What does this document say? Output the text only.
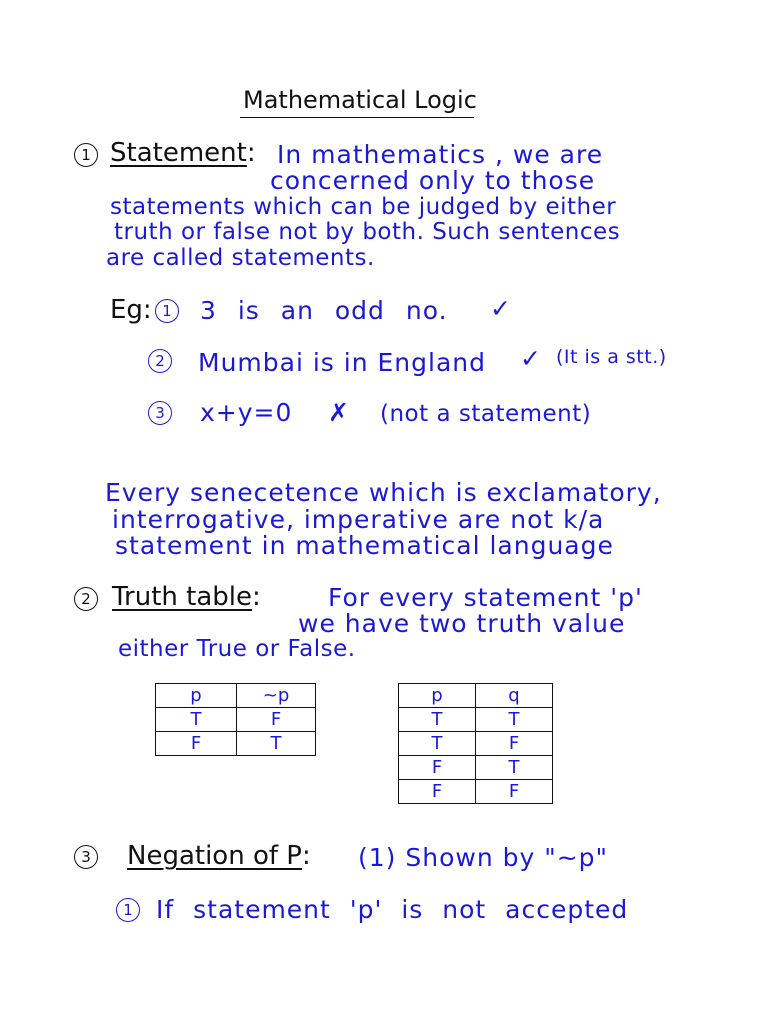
Mathematical Logic
1 Statement: In mathematics , we are
concerned only to those
statements which can be judged by either
truth or false not by both. Such sentences
are called statements.
Eg: 1 3 is an odd no. ✓
2 Mumbai is in England ✓ (It is a stt.)
3 x+y=0 ✗ (not a statement)
Every senecetence which is exclamatory,
interrogative, imperative are not k/a
statement in mathematical language
2 Truth table:	For every statement 'p'
we have two truth value
either True or False.
p	~p
T	F
F	T
p	q
T	T
T	F
F	T
F	F
3 Negation of P: (1) Shown by "~p"
1 If statement 'p' is not accepted
